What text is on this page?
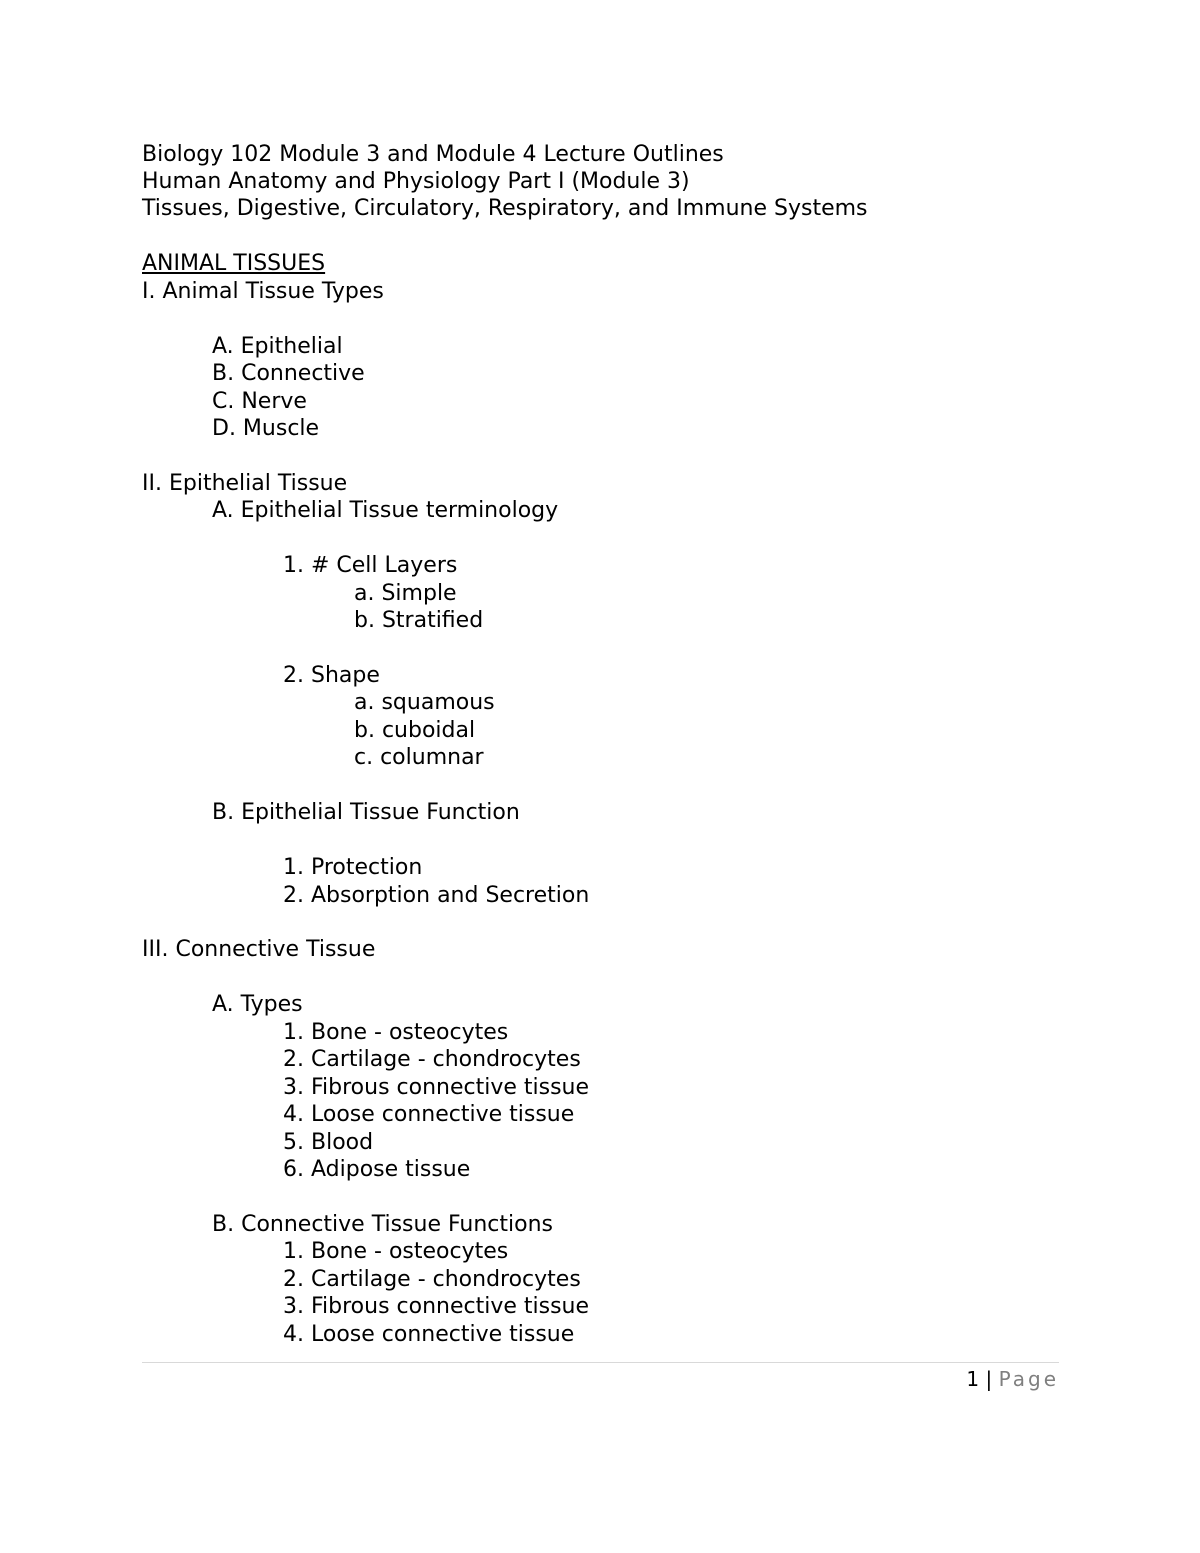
Biology 102 Module 3 and Module 4 Lecture Outlines
Human Anatomy and Physiology Part I (Module 3)
Tissues, Digestive, Circulatory, Respiratory, and Immune Systems
ANIMAL TISSUES
I. Animal Tissue Types
A. Epithelial
B. Connective
C. Nerve
D. Muscle
II. Epithelial Tissue
A. Epithelial Tissue terminology
1. # Cell Layers
a. Simple
b. Stratified
2. Shape
a. squamous
b. cuboidal
c. columnar
B. Epithelial Tissue Function
1. Protection
2. Absorption and Secretion
III. Connective Tissue
A. Types
1. Bone - osteocytes
2. Cartilage - chondrocytes
3. Fibrous connective tissue
4. Loose connective tissue
5. Blood
6. Adipose tissue
B. Connective Tissue Functions
1. Bone - osteocytes
2. Cartilage - chondrocytes
3. Fibrous connective tissue
4. Loose connective tissue
1 | Page
